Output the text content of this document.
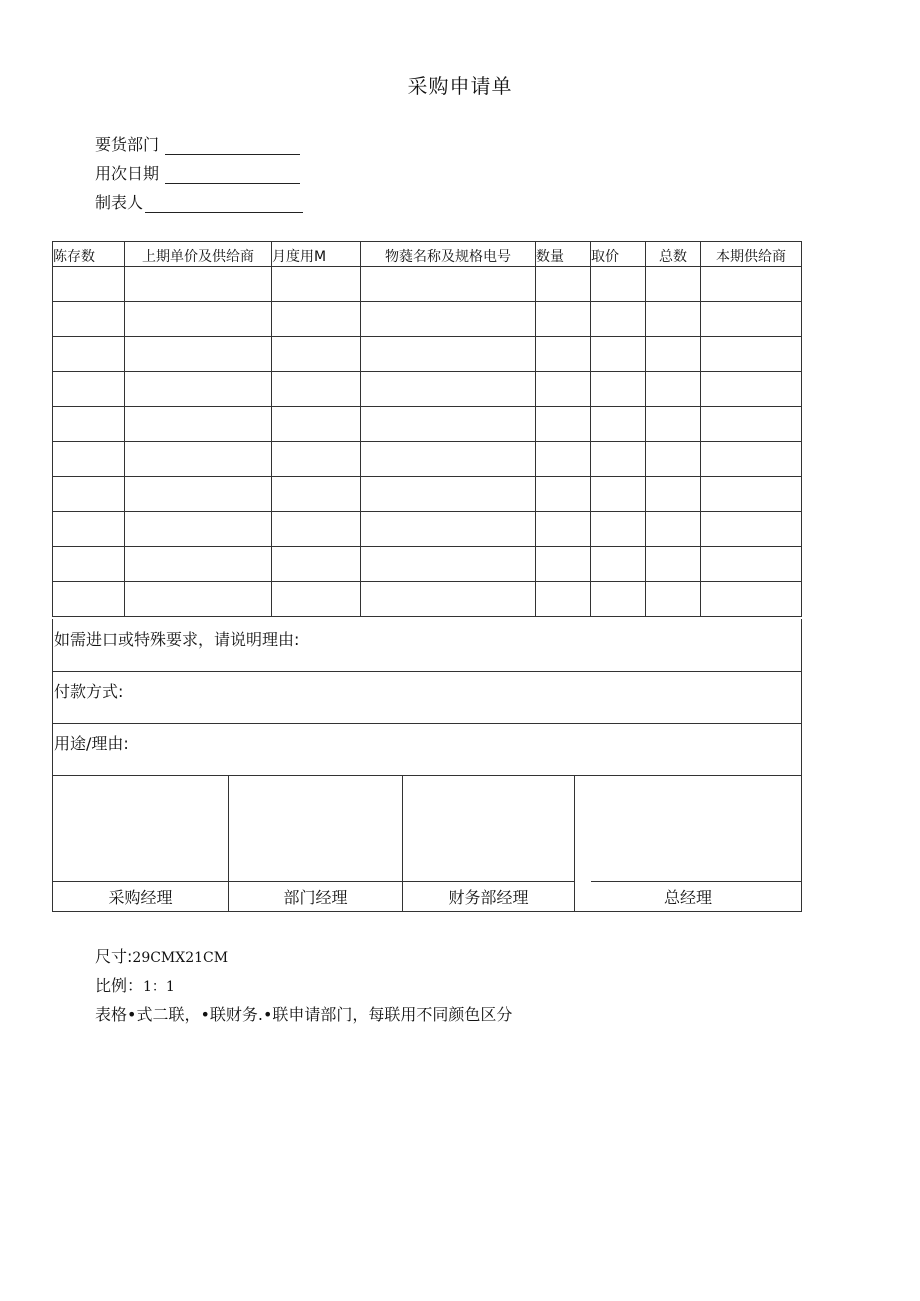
采购申请单
要货部门
用次日期
制表人
陈存数	上期单价及供给商	月度用M	物蕤名称及规格电号	数量	取价	总数	本期供给商

如需进口或特殊要求，请说明理由:
付款方式:
用途/理由:
采购经理	部门经理	财务部经理	总经理
尺寸:29CMX21CM
比例：1：1
表格•式二联，•联财务.•联申请部门，每联用不同颜色区分
